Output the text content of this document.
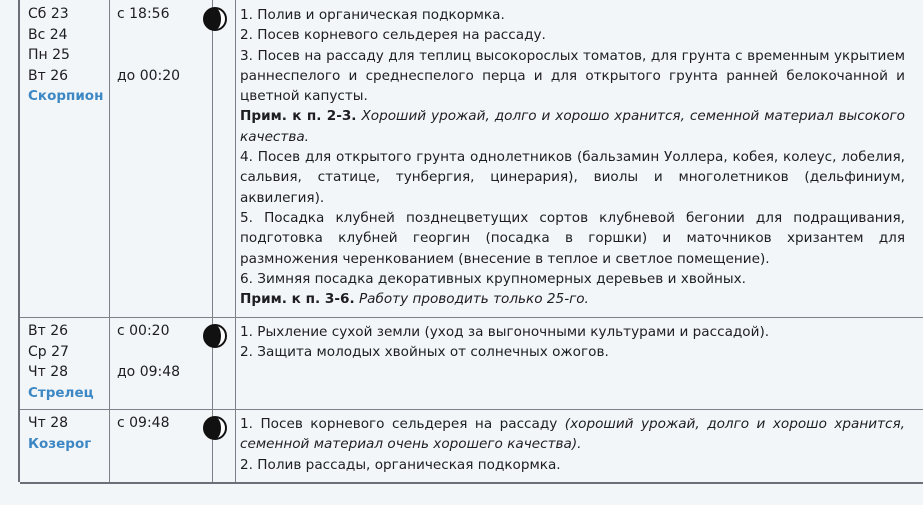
Сб 23
Вс 24
Пн 25
Вт 26
Скорпион
с 18:56

до 00:20

1. Полив и органическая подкормка.

2. Посев корневого сельдерея на рассаду.

3. Посев на рассаду для теплиц высокорослых томатов, для грунта с временным укрытием раннеспелого и среднеспелого перца и для открытого грунта ранней белокочанной и цветной капусты.

Прим. к п. 2-3. Хороший урожай, долго и хорошо хранится, семенной материал высокого качества.

4. Посев для открытого грунта однолетников (бальзамин Уоллера, кобея, колеус, лобелия, сальвия, статице, тунбергия, цинерария), виолы и многолетников (дельфиниум, аквилегия).

5. Посадка клубней позднецветущих сортов клубневой бегонии для подращивания, подготовка клубней георгин (посадка в горшки) и маточников хризантем для размножения черенкованием (внесение в теплое и светлое помещение).

6. Зимняя посадка декоративных крупномерных деревьев и хвойных.

Прим. к п. 3-6. Работу проводить только 25-го.

Вт 26
Ср 27
Чт 28
Стрелец
с 00:20

до 09:48

1. Рыхление сухой земли (уход за выгоночными культурами и рассадой).

2. Защита молодых хвойных от солнечных ожогов.

Чт 28
Козерог
с 09:48	1. Посев корневого сельдерея на рассаду (хороший урожай, долго и хорошо хранится, семенной материал очень хорошего качества).

2. Полив рассады, органическая подкормка.
